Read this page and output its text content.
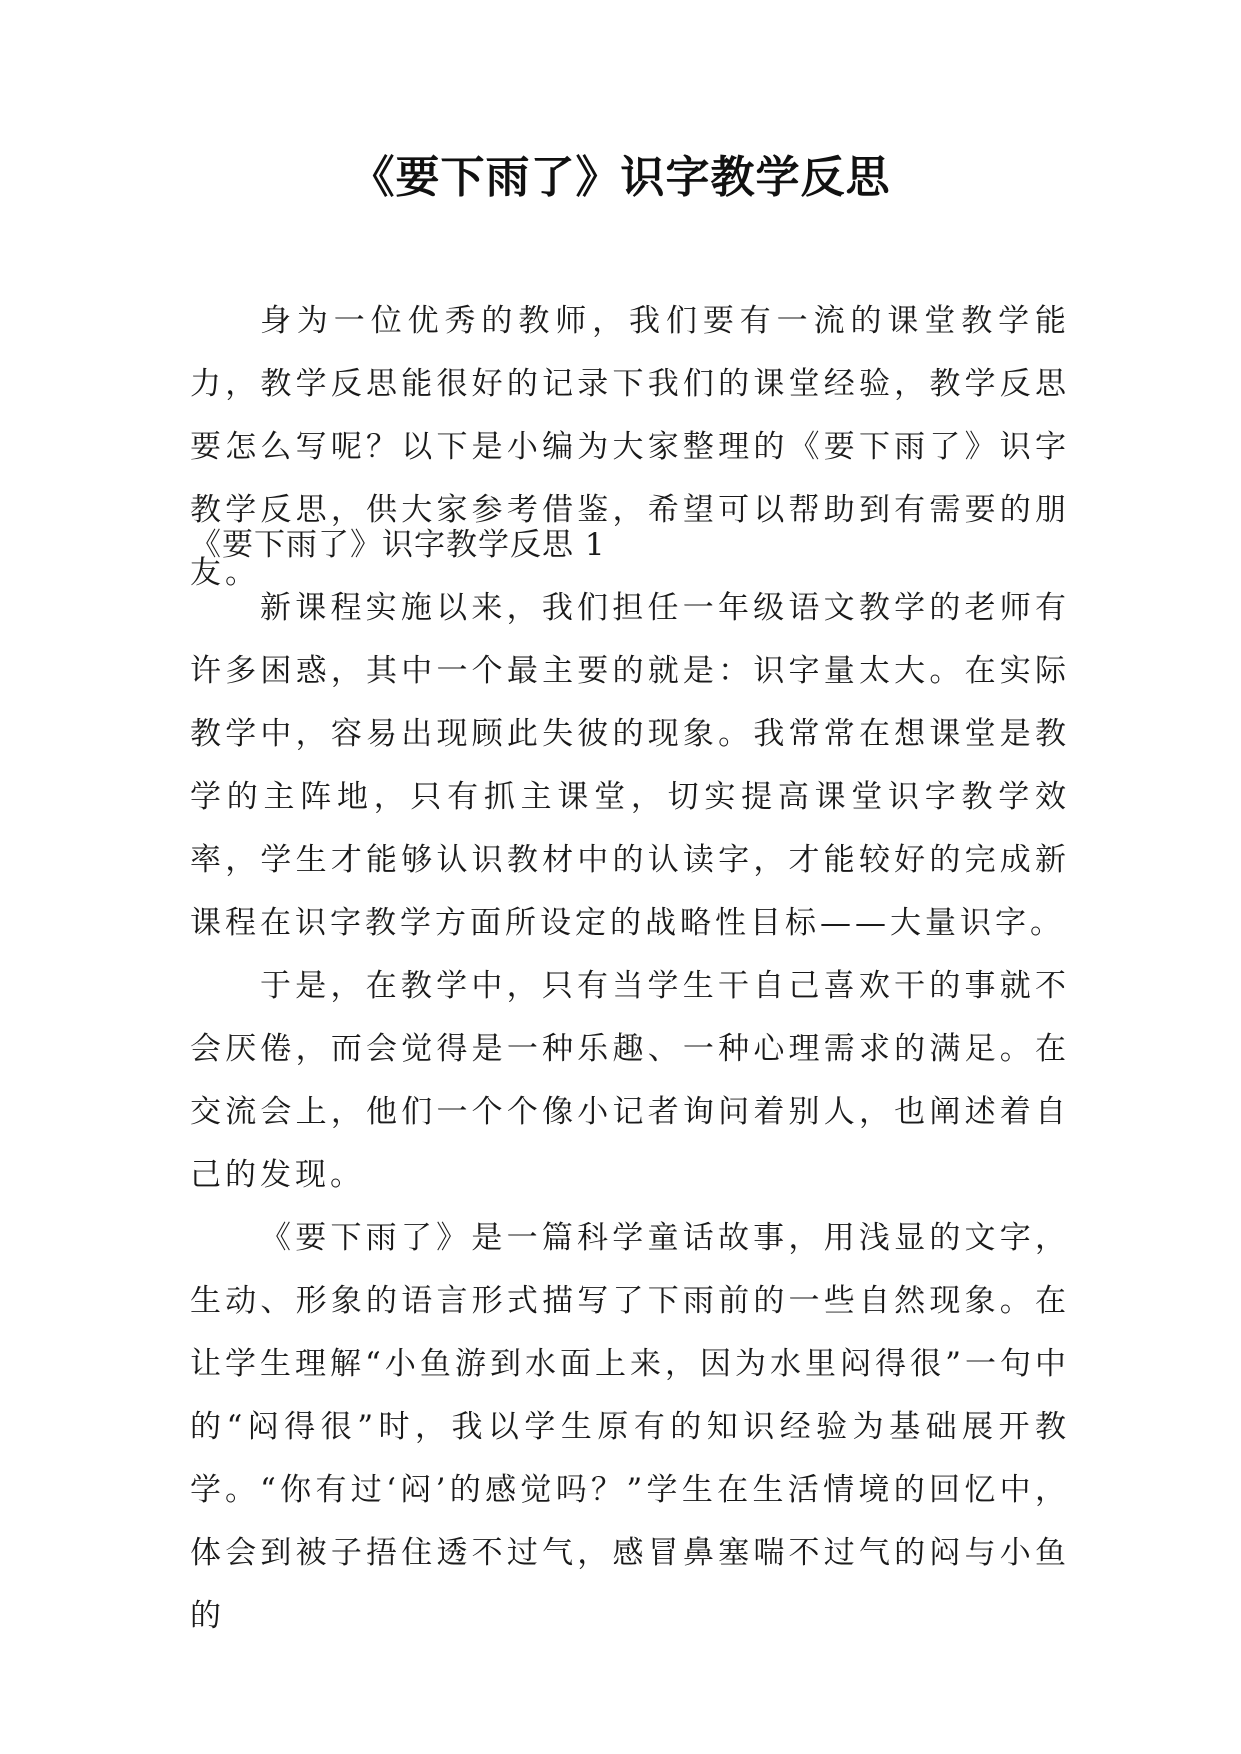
《要下雨了》识字教学反思

身为一位优秀的教师，我们要有一流的课堂教学能力，教学反思能很好的记录下我们的课堂经验，教学反思要怎么写呢？以下是小编为大家整理的《要下雨了》识字教学反思，供大家参考借鉴，希望可以帮助到有需要的朋友。

《要下雨了》识字教学反思 1

新课程实施以来，我们担任一年级语文教学的老师有许多困惑，其中一个最主要的就是：识字量太大。在实际教学中，容易出现顾此失彼的现象。我常常在想课堂是教学的主阵地，只有抓主课堂，切实提高课堂识字教学效率，学生才能够认识教材中的认读字，才能较好的完成新课程在识字教学方面所设定的战略性目标——大量识字。

于是，在教学中，只有当学生干自己喜欢干的事就不会厌倦，而会觉得是一种乐趣、一种心理需求的满足。在交流会上，他们一个个像小记者询问着别人，也阐述着自己的发现。

《要下雨了》是一篇科学童话故事，用浅显的文字，生动、形象的语言形式描写了下雨前的一些自然现象。在让学生理解“小鱼游到水面上来，因为水里闷得很”一句中的“闷得很”时，我以学生原有的知识经验为基础展开教学。 “你有过‘闷’的感觉吗？”学生在生活情境的回忆中，体会到被子捂住透不过气，感冒鼻塞喘不过气的闷与小鱼的
